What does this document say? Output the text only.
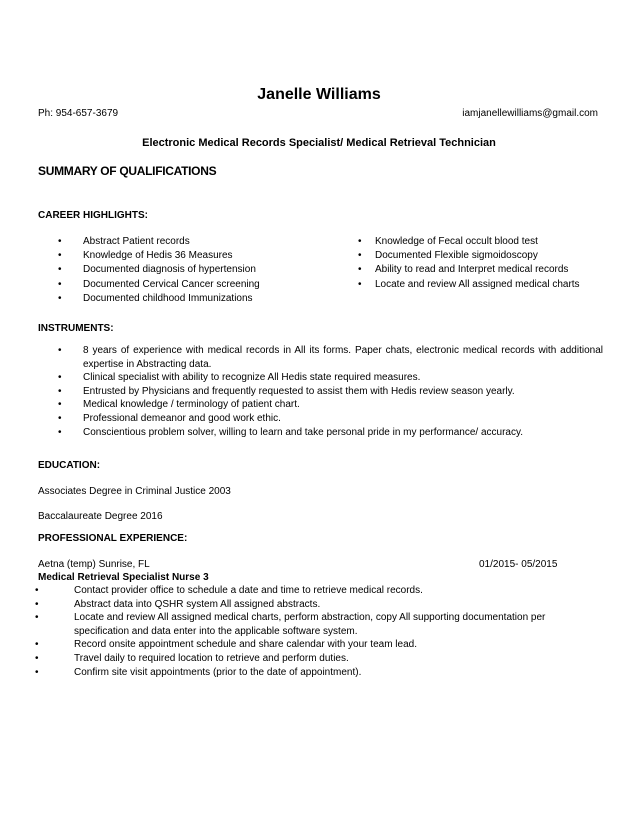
Janelle Williams
Ph: 954-657-3679	iamjanellewilliams@gmail.com
Electronic Medical Records Specialist/ Medical Retrieval Technician
SUMMARY OF QUALIFICATIONS
CAREER HIGHLIGHTS:
• Abstract Patient records
• Knowledge of Hedis 36 Measures
• Documented diagnosis of hypertension
• Documented Cervical Cancer screening
• Documented childhood Immunizations
• Knowledge of Fecal occult blood test
• Documented Flexible sigmoidoscopy
• Ability to read and Interpret medical records
• Locate and review All assigned medical charts
INSTRUMENTS:
• 8 years of experience with medical records in All its forms. Paper chats, electronic medical records with additional expertise in Abstracting data.
• Clinical specialist with ability to recognize All Hedis state required measures.
• Entrusted by Physicians and frequently requested to assist them with Hedis review season yearly.
• Medical knowledge / terminology of patient chart.
• Professional demeanor and good work ethic.
• Conscientious problem solver, willing to learn and take personal pride in my performance/ accuracy.
EDUCATION:
Associates Degree in Criminal Justice 2003
Baccalaureate Degree 2016
PROFESSIONAL EXPERIENCE:
Aetna (temp) Sunrise, FL	01/2015- 05/2015
Medical Retrieval Specialist Nurse 3
•	Contact provider office to schedule a date and time to retrieve medical records.
•	Abstract data into QSHR system All assigned abstracts.
•	Locate and review All assigned medical charts, perform abstraction, copy All supporting documentation per specification and data enter into the applicable software system.
•	Record onsite appointment schedule and share calendar with your team lead.
•	Travel daily to required location to retrieve and perform duties.
•	Confirm site visit appointments (prior to the date of appointment).
